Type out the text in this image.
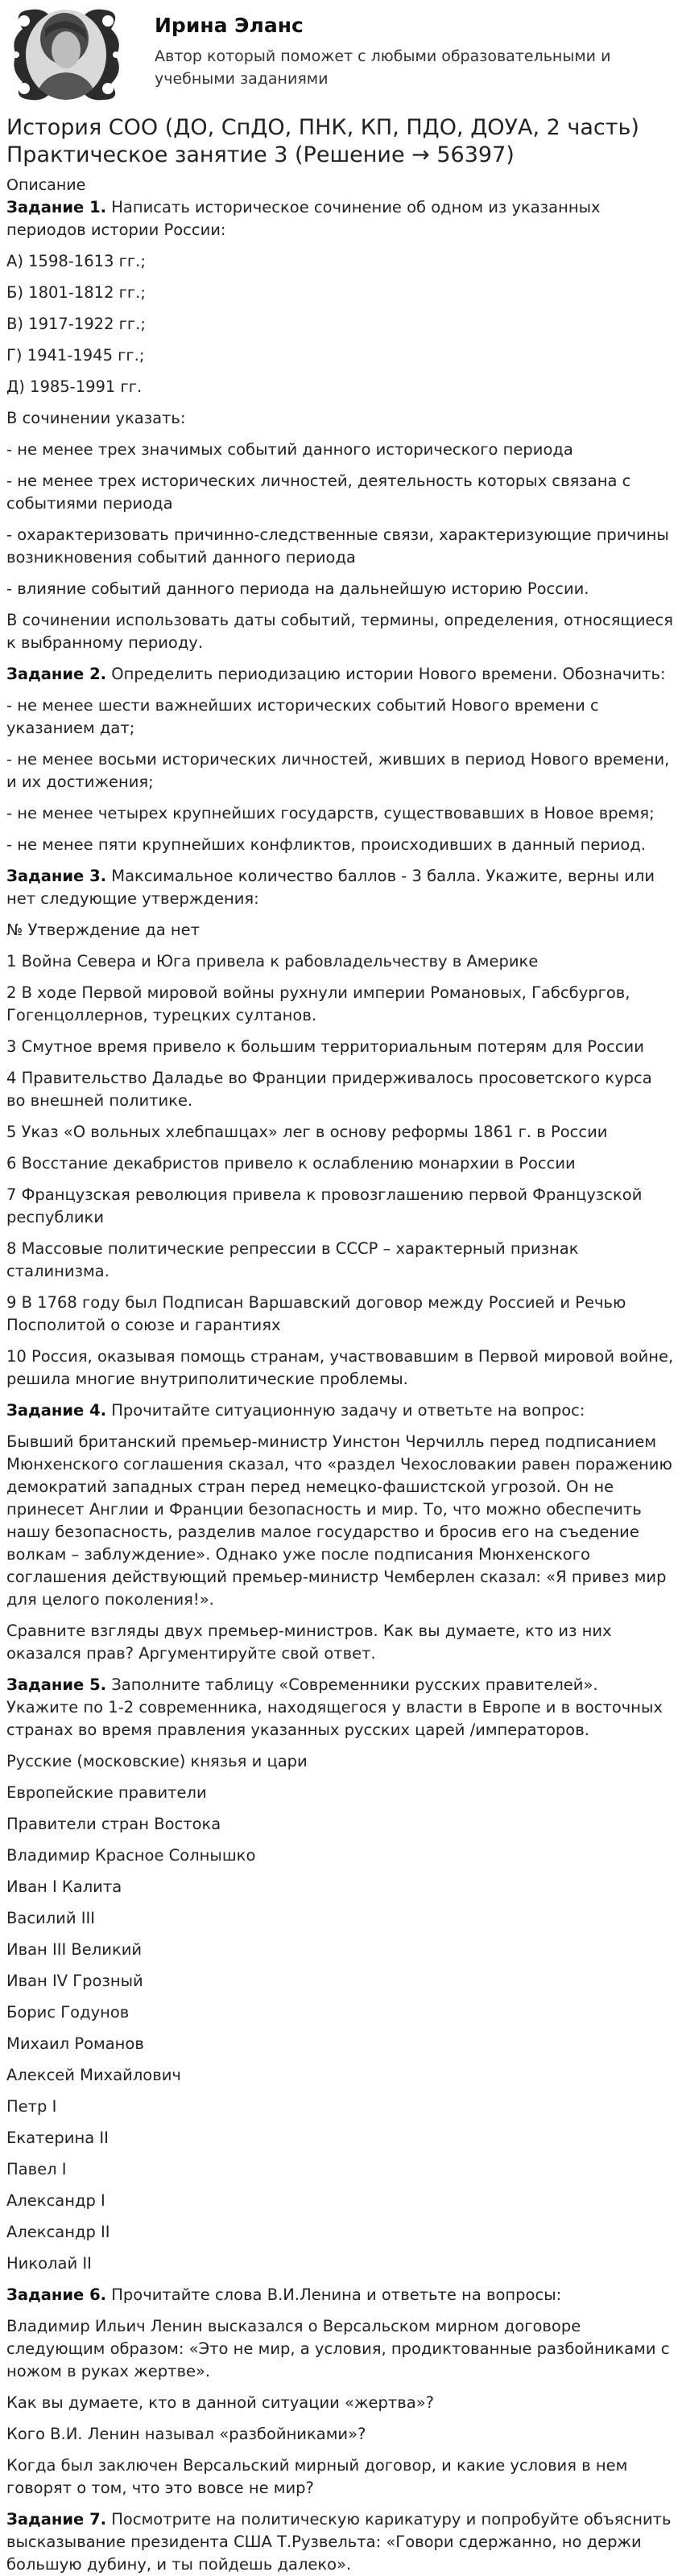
Ирина Эланс
Автор который поможет с любыми образовательными и учебными заданиями
История СОО (ДО, СпДО, ПНК, КП, ПДО, ДОУА, 2 часть) Практическое занятие 3 (Решение → 56397)
Описание

Задание 1. Написать историческое сочинение об одном из указанных периодов истории России:

А) 1598-1613 гг.;

Б) 1801-1812 гг.;

В) 1917-1922 гг.;

Г) 1941-1945 гг.;

Д) 1985-1991 гг.

В сочинении указать:

- не менее трех значимых событий данного исторического периода

- не менее трех исторических личностей, деятельность которых связана с событиями периода

- охарактеризовать причинно-следственные связи, характеризующие причины возникновения событий данного периода

- влияние событий данного периода на дальнейшую историю России.

В сочинении использовать даты событий, термины, определения, относящиеся к выбранному периоду.

Задание 2. Определить периодизацию истории Нового времени. Обозначить:

- не менее шести важнейших исторических событий Нового времени с указанием дат;

- не менее восьми исторических личностей, живших в период Нового времени, и их достижения;

- не менее четырех крупнейших государств, существовавших в Новое время;

- не менее пяти крупнейших конфликтов, происходивших в данный период.

Задание 3. Максимальное количество баллов - 3 балла. Укажите, верны или нет следующие утверждения:

№ Утверждение да нет

1 Война Севера и Юга привела к рабовладельчеству в Америке

2 В ходе Первой мировой войны рухнули империи Романовых, Габсбургов, Гогенцоллернов, турецких султанов.

3 Смутное время привело к большим территориальным потерям для России

4 Правительство Даладье во Франции придерживалось просоветского курса во внешней политике.

5 Указ «О вольных хлебпашцах» лег в основу реформы 1861 г. в России

6 Восстание декабристов привело к ослаблению монархии в России

7 Французская революция привела к провозглашению первой Французской республики

8 Массовые политические репрессии в СССР – характерный признак сталинизма.

9 В 1768 году был Подписан Варшавский договор между Россией и Речью Посполитой о союзе и гарантиях

10 Россия, оказывая помощь странам, участвовавшим в Первой мировой войне, решила многие внутриполитические проблемы.

Задание 4. Прочитайте ситуационную задачу и ответьте на вопрос:

Бывший британский премьер-министр Уинстон Черчилль перед подписанием Мюнхенского соглашения сказал, что «раздел Чехословакии равен поражению демократий западных стран перед немецко-фашистской угрозой. Он не принесет Англии и Франции безопасность и мир. То, что можно обеспечить нашу безопасность, разделив малое государство и бросив его на съедение волкам – заблуждение». Однако уже после подписания Мюнхенского соглашения действующий премьер-министр Чемберлен сказал: «Я привез мир для целого поколения!».

Сравните взгляды двух премьер-министров. Как вы думаете, кто из них оказался прав? Аргументируйте свой ответ.

Задание 5. Заполните таблицу «Современники русских правителей». Укажите по 1-2 современника, находящегося у власти в Европе и в восточных странах во время правления указанных русских царей /императоров.

Русские (московские) князья и цари

Европейские правители

Правители стран Востока

Владимир Красное Солнышко

Иван I Калита

Василий III

Иван III Великий

Иван IV Грозный

Борис Годунов

Михаил Романов

Алексей Михайлович

Петр I

Екатерина II

Павел I

Александр I

Александр II

Николай II

Задание 6. Прочитайте слова В.И.Ленина и ответьте на вопросы:

Владимир Ильич Ленин высказался о Версальском мирном договоре следующим образом: «Это не мир, а условия, продиктованные разбойниками с ножом в руках жертве».

Как вы думаете, кто в данной ситуации «жертва»?

Кого В.И. Ленин называл «разбойниками»?

Когда был заключен Версальский мирный договор, и какие условия в нем говорят о том, что это вовсе не мир?

Задание 7. Посмотрите на политическую карикатуру и попробуйте объяснить высказывание президента США Т.Рузвельта: «Говори сдержанно, но держи большую дубину, и ты пойдешь далеко».
